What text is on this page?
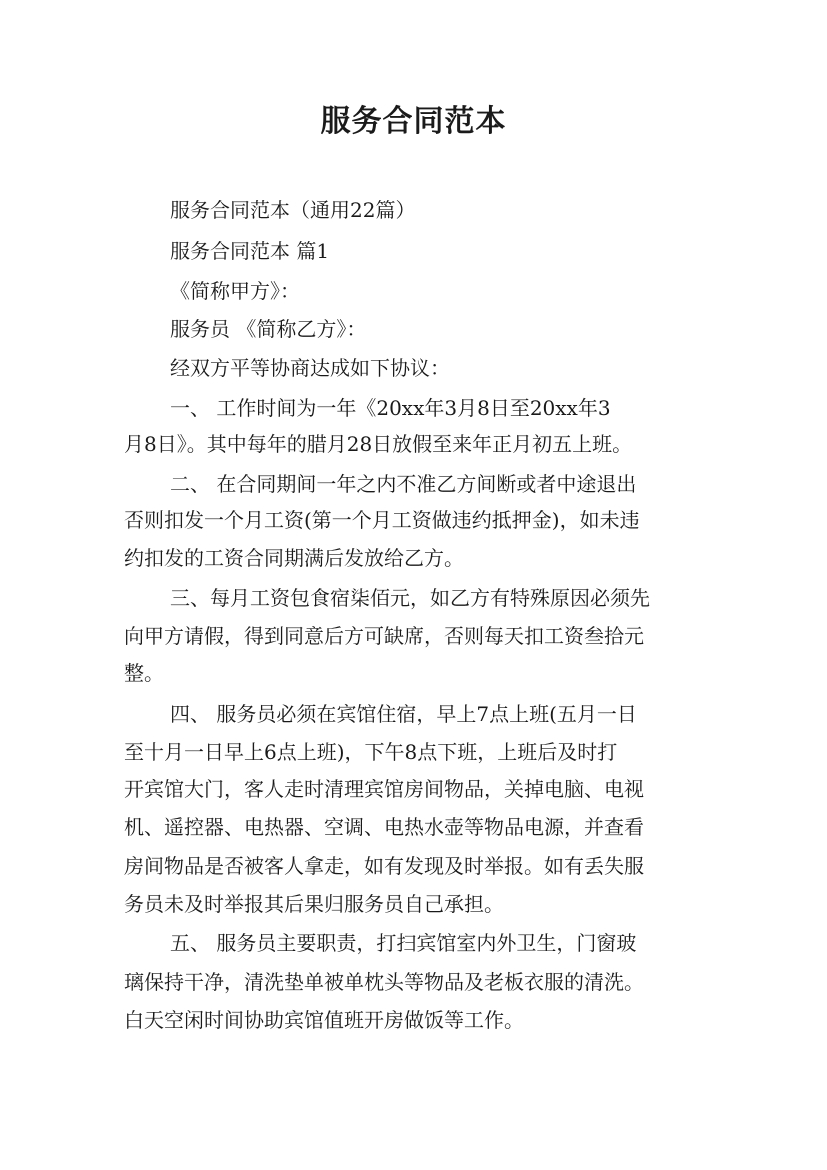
服务合同范本
服务合同范本（通用22篇）
服务合同范本 篇1
《简称甲方》：
服务员 《简称乙方》：
经双方平等协商达成如下协议：
一、 工作时间为一年《20xx年3月8日至20xx年3
月8日》。其中每年的腊月28日放假至来年正月初五上班。
二、 在合同期间一年之内不准乙方间断或者中途退出
否则扣发一个月工资(第一个月工资做违约抵押金)，如未违
约扣发的工资合同期满后发放给乙方。
三、每月工资包食宿柒佰元，如乙方有特殊原因必须先
向甲方请假，得到同意后方可缺席，否则每天扣工资叁拾元
整。
四、 服务员必须在宾馆住宿，早上7点上班(五月一日
至十月一日早上6点上班)，下午8点下班，上班后及时打
开宾馆大门，客人走时清理宾馆房间物品，关掉电脑、电视
机、遥控器、电热器、空调、电热水壶等物品电源，并查看
房间物品是否被客人拿走，如有发现及时举报。如有丢失服
务员未及时举报其后果归服务员自己承担。
五、 服务员主要职责，打扫宾馆室内外卫生，门窗玻
璃保持干净，清洗垫单被单枕头等物品及老板衣服的清洗。
白天空闲时间协助宾馆值班开房做饭等工作。
